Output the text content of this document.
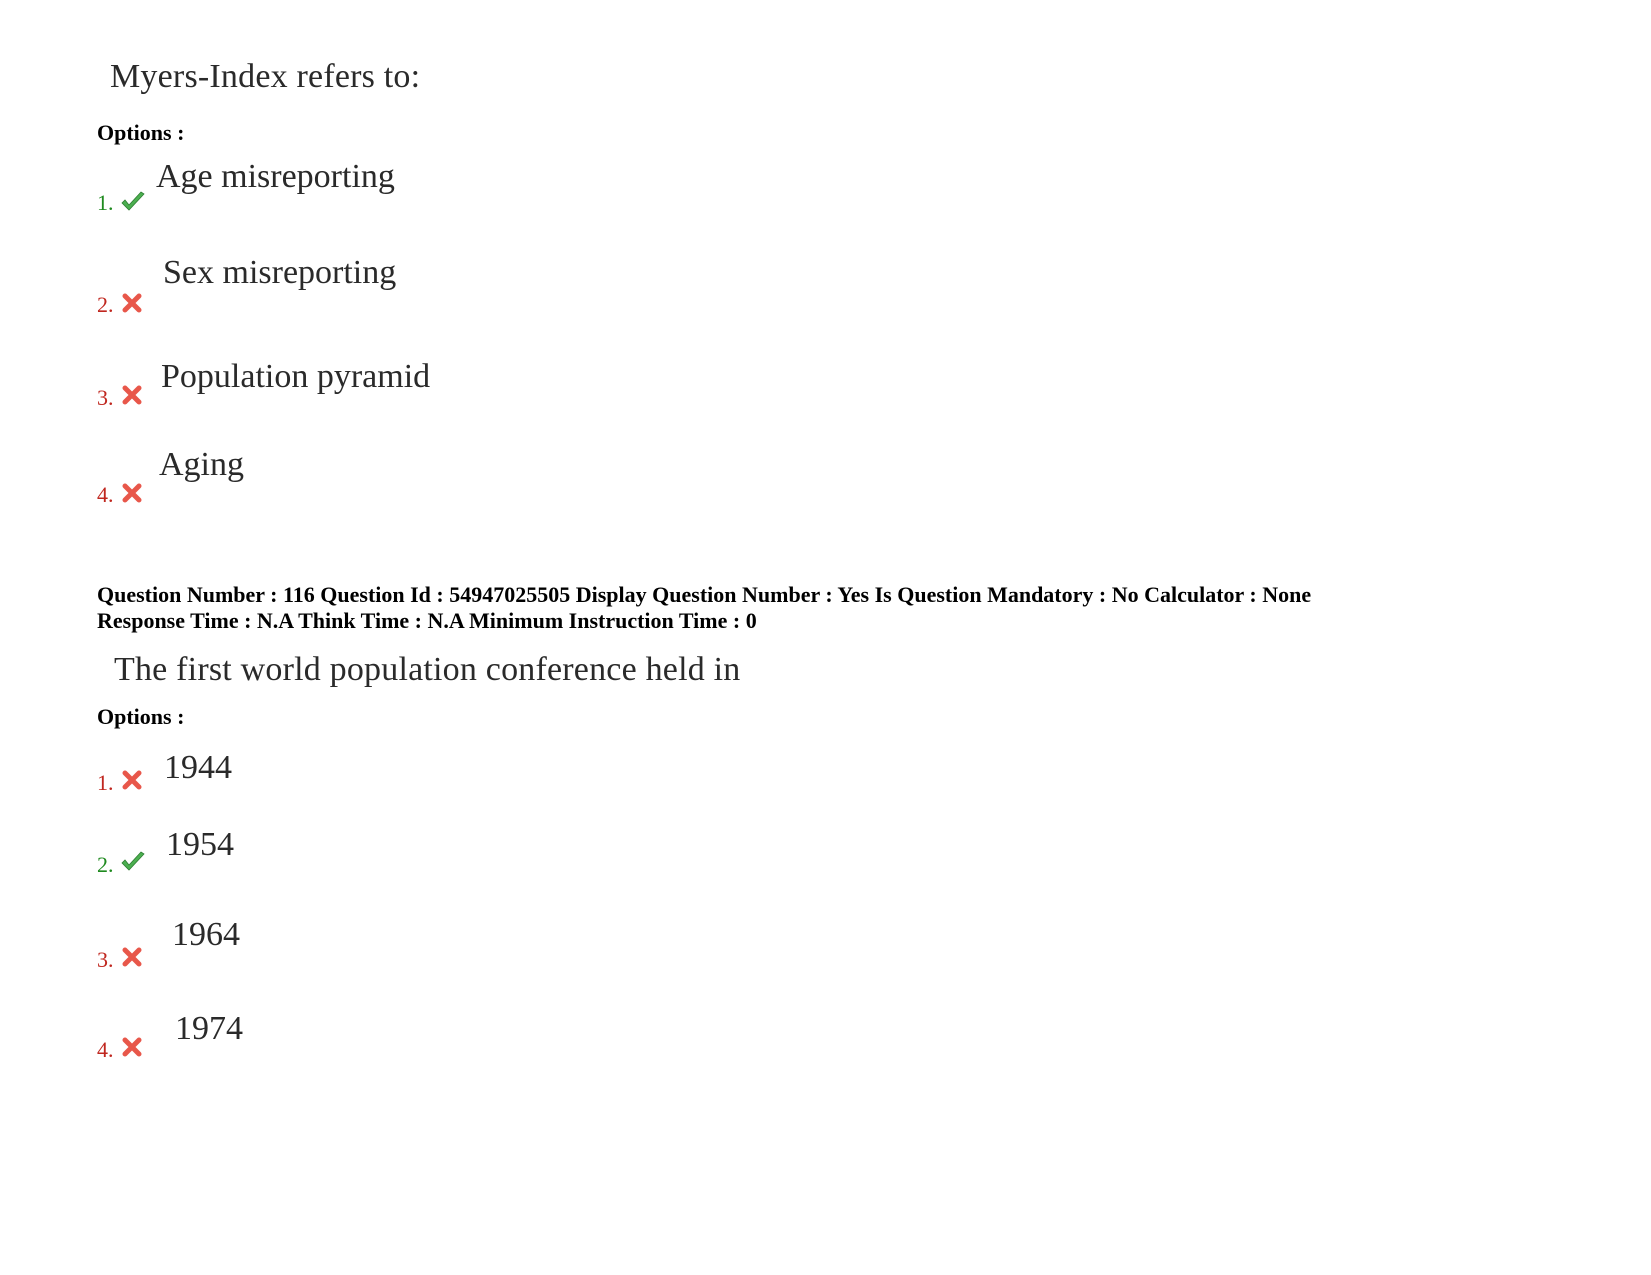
Myers-Index refers to:
Options :
1.
Age misreporting
2.
Sex misreporting
3.
Population pyramid
4.
Aging
Question Number : 116 Question Id : 54947025505 Display Question Number : Yes Is Question Mandatory : No Calculator : None
Response Time : N.A Think Time : N.A Minimum Instruction Time : 0
The first world population conference held in
Options :
1. 1944
2.
1954
3.
1964
4.
1974
